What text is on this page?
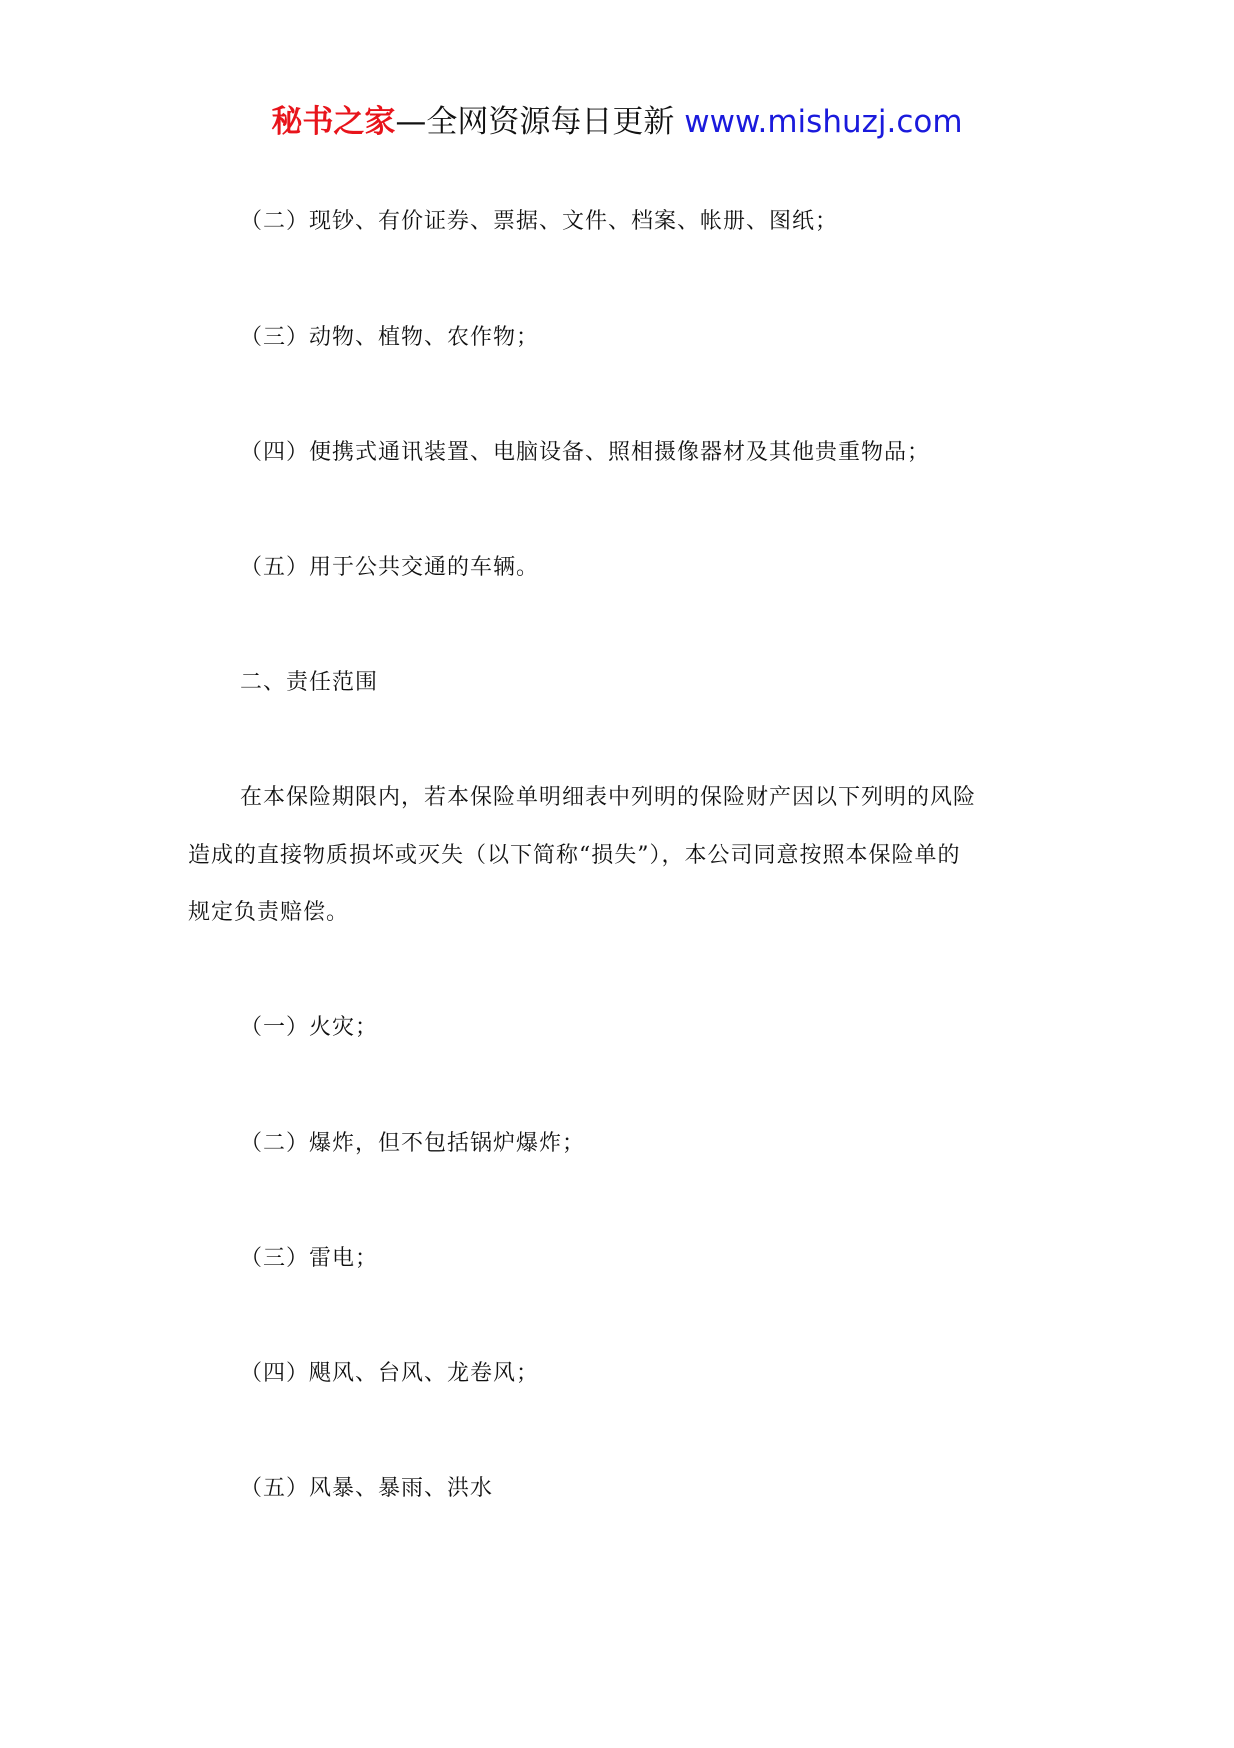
秘书之家—全网资源每日更新 www.mishuzj.com
（二）现钞、有价证券、票据、文件、档案、帐册、图纸；
（三）动物、植物、农作物；
（四）便携式通讯装置、电脑设备、照相摄像器材及其他贵重物品；
（五）用于公共交通的车辆。
二、责任范围
在本保险期限内，若本保险单明细表中列明的保险财产因以下列明的风险
造成的直接物质损坏或灭失（以下简称“损失”），本公司同意按照本保险单的
规定负责赔偿。
（一）火灾；
（二）爆炸，但不包括锅炉爆炸；
（三）雷电；
（四）飓风、台风、龙卷风；
（五）风暴、暴雨、洪水
